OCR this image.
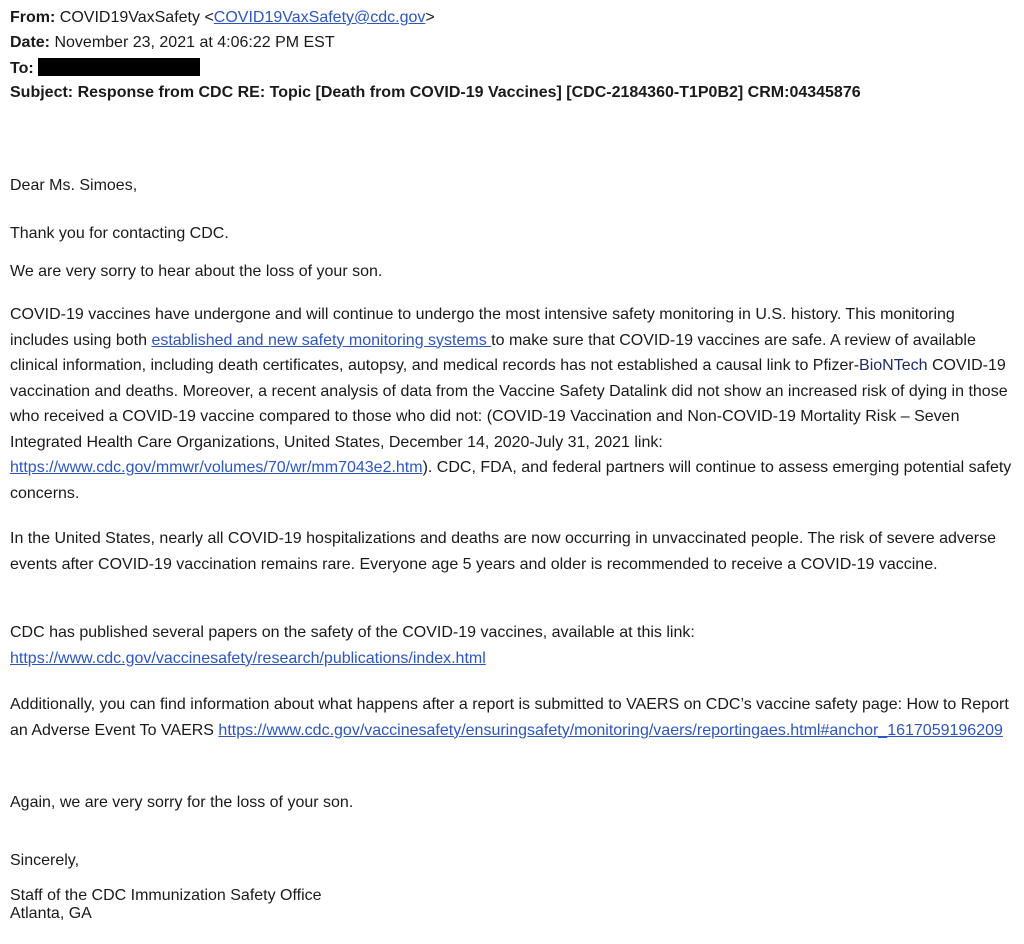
From: COVID19VaxSafety <COVID19VaxSafety@cdc.gov>
Date: November 23, 2021 at 4:06:22 PM EST
To:
Subject: Response from CDC RE: Topic [Death from COVID-19 Vaccines] [CDC-2184360-T1P0B2] CRM:04345876

Dear Ms. Simoes,

Thank you for contacting CDC.

We are very sorry to hear about the loss of your son.

COVID-19 vaccines have undergone and will continue to undergo the most intensive safety monitoring in U.S. history. This monitoring includes using both established and new safety monitoring systems to make sure that COVID-19 vaccines are safe. A review of available clinical information, including death certificates, autopsy, and medical records has not established a causal link to Pfizer-BioNTech COVID-19 vaccination and deaths. Moreover, a recent analysis of data from the Vaccine Safety Datalink did not show an increased risk of dying in those who received a COVID-19 vaccine compared to those who did not: (COVID-19 Vaccination and Non-COVID-19 Mortality Risk – Seven Integrated Health Care Organizations, United States, December 14, 2020-July 31, 2021 link: https://www.cdc.gov/mmwr/volumes/70/wr/mm7043e2.htm). CDC, FDA, and federal partners will continue to assess emerging potential safety concerns.

In the United States, nearly all COVID-19 hospitalizations and deaths are now occurring in unvaccinated people. The risk of severe adverse events after COVID-19 vaccination remains rare. Everyone age 5 years and older is recommended to receive a COVID-19 vaccine.

CDC has published several papers on the safety of the COVID-19 vaccines, available at this link: https://www.cdc.gov/vaccinesafety/research/publications/index.html

Additionally, you can find information about what happens after a report is submitted to VAERS on CDC’s vaccine safety page: How to Report an Adverse Event To VAERS https://www.cdc.gov/vaccinesafety/ensuringsafety/monitoring/vaers/reportingaes.html#anchor_1617059196209

Again, we are very sorry for the loss of your son.

Sincerely,

Staff of the CDC Immunization Safety Office

Atlanta, GA
